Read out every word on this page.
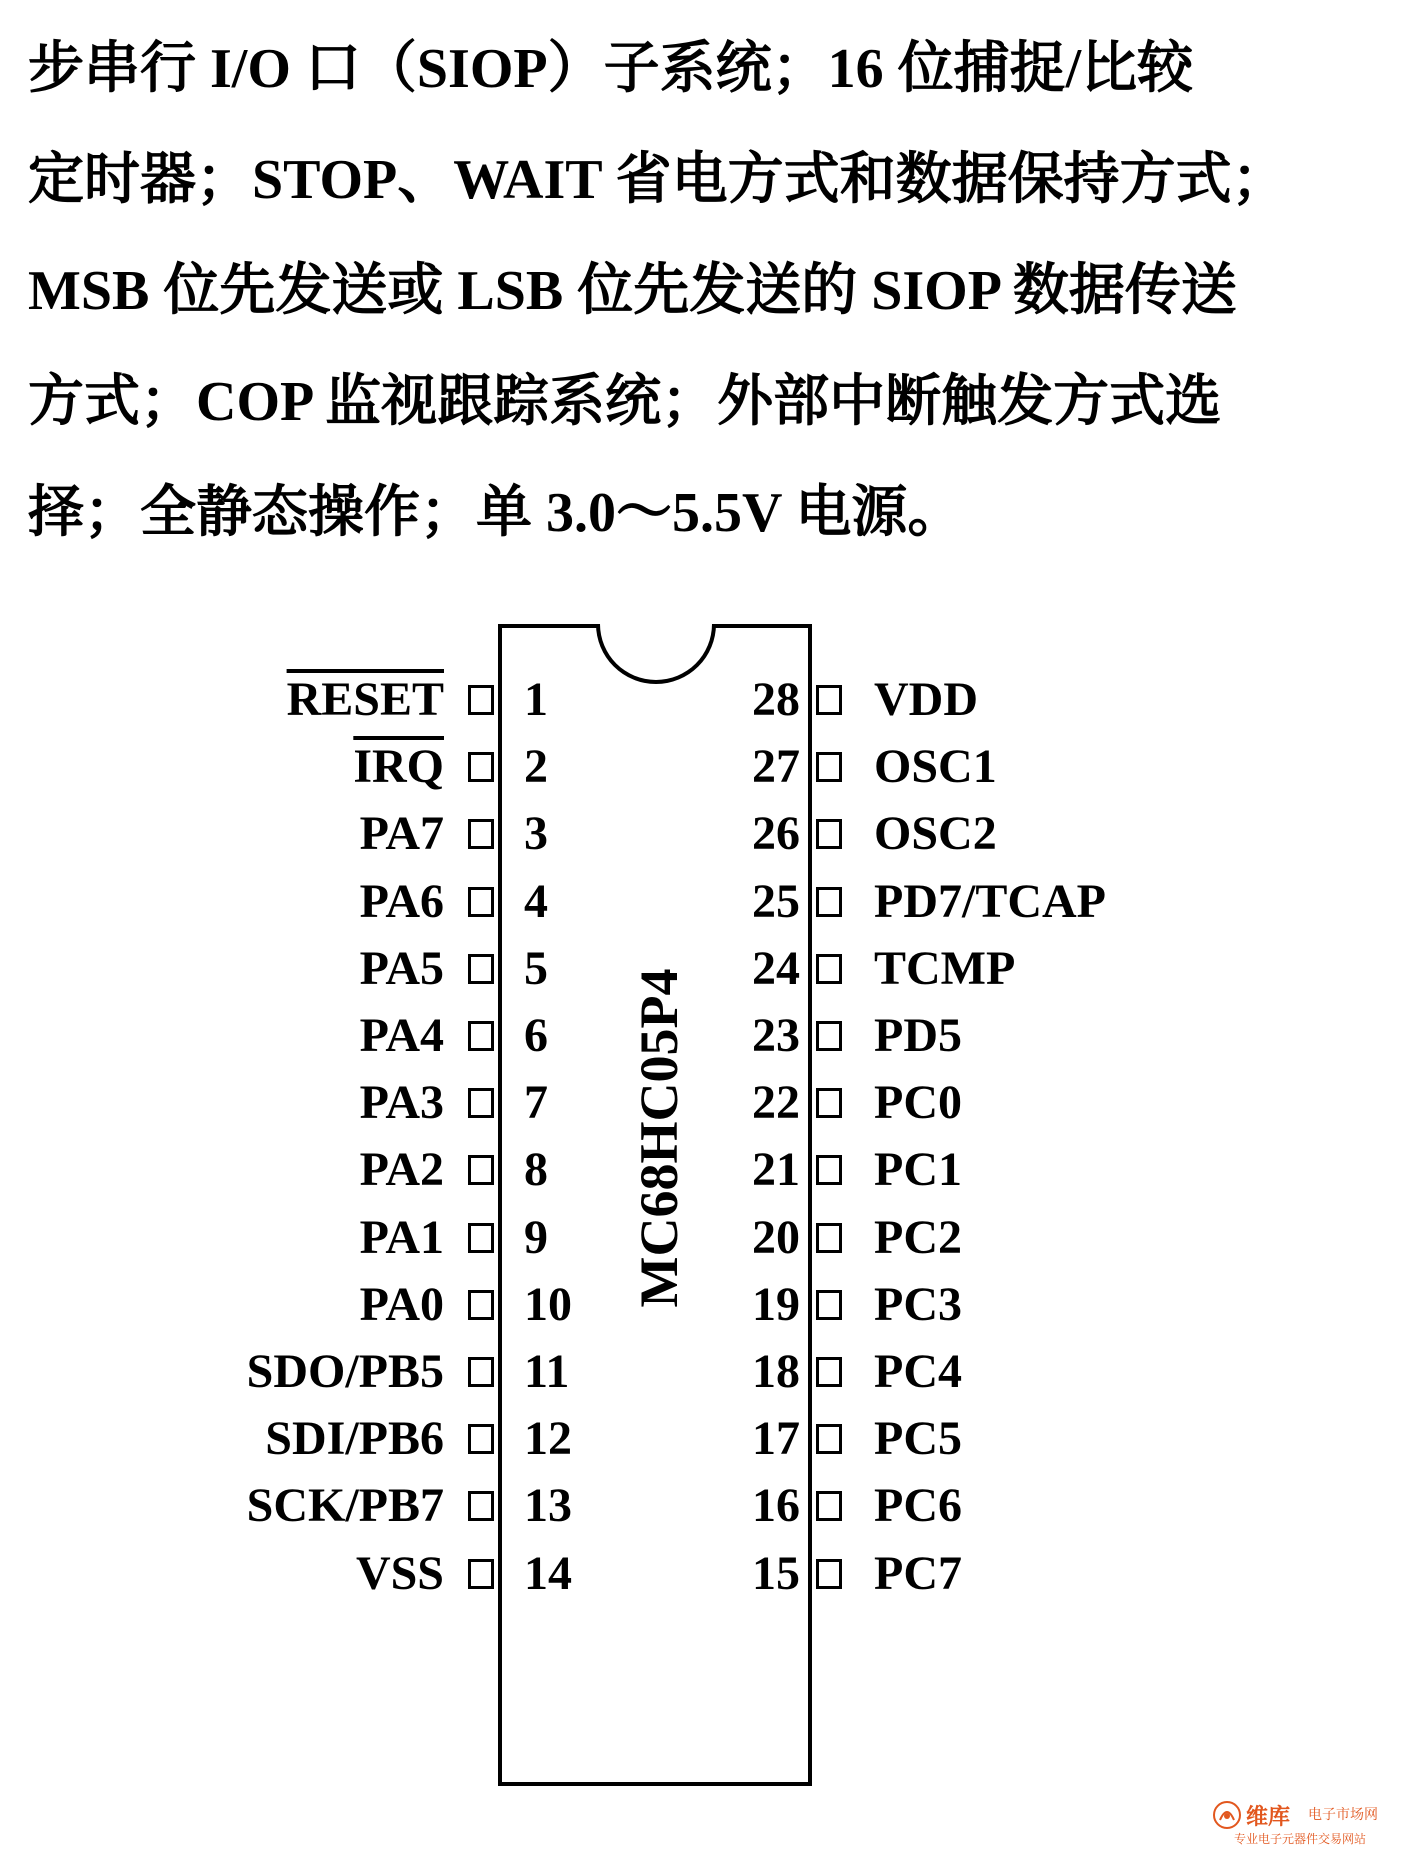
步串行 I/O 口（SIOP）子系统；16 位捕捉/比较
定时器；STOP、WAIT 省电方式和数据保持方式；
MSB 位先发送或 LSB 位先发送的 SIOP 数据传送
方式；COP 监视跟踪系统；外部中断触发方式选
择；全静态操作；单 3.0～5.5V 电源。
MC68HC05P4
1
RESET
2
$\overline{IRQ}$
3
PA7
4
PA6
5
PA5
6
PA4
7
PA3
8
PA2
9
PA1
10
PA0
11
SDO/PB5
12
SDI/PB6
13
SCK/PB7
14
VSS
28 VDD
27 OSC1
26 OSC2
25 PD7/TCAP
24 TCMP
23 PD5
22 PC0
21 PC1
20 PC2
19 PC3
18 PC4
17 PC5
16 PC6
15 PC7
维库 电子市场网
专业电子元器件交易网站
